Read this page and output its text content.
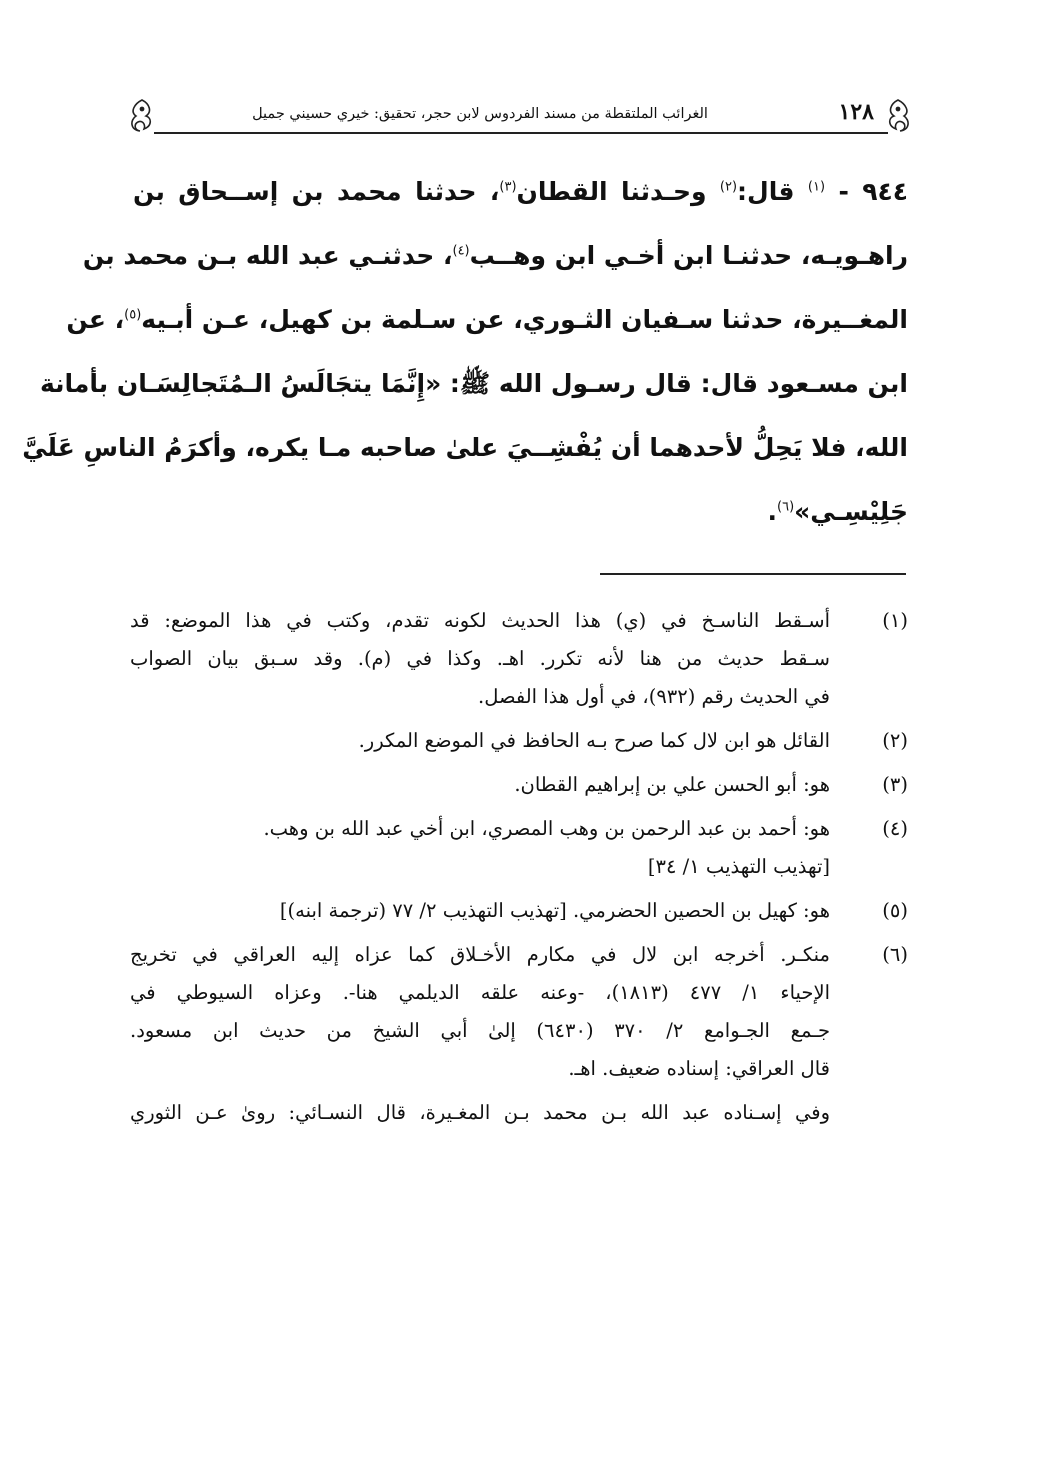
١٢٨
الغرائب الملتقطة من مسند الفردوس لابن حجر، تحقيق: خيري حسيني جميل
٩٤٤ - $^{(١)}$ قال:$^{(٢)}$ وحـدثنا القطان$^{(٣)}$، حدثنا محمد بن إســحاق بن
راهـويـه، حدثنـا ابن أخـي ابن وهــب$^{(٤)}$، حدثنـي عبد الله بـن محمد بن
المغــيرة، حدثنا سـفيان الثـوري، عن سـلمة بن كهيل، عـن أبـيه$^{(٥)}$، عن
ابن مسـعود قال: قال رسـول الله ﷺ: «إِنَّمَا يتجَالَسُ الـمُتَجالِسَـان بأمانة
الله، فلا يَحِلُّ لأحدهما أن يُفْشِــيَ علىٰ صاحبه مـا يكره، وأكرَمُ الناسِ عَلَيَّ
جَلِيْسِـي»$^{(٦)}$.
(١)
أسـقط الناسـخ في (ي) هذا الحديث لكونه تقدم، وكتب في هذا الموضع: قد
سـقط حديث من هنا لأنه تكرر. اهـ. وكذا في (م). وقد سـبق بيان الصواب
في الحديث رقم (٩٣٢)، في أول هذا الفصل.
(٢)
القائل هو ابن لال كما صرح بـه الحافظ في الموضع المكرر.
(٣)
هو: أبو الحسن علي بن إبراهيم القطان.
(٤)
هو: أحمد بن عبد الرحمن بن وهب المصري، ابن أخي عبد الله بن وهب.
[تهذيب التهذيب ١/ ٣٤]
(٥)
هو: كهيل بن الحصين الحضرمي. [تهذيب التهذيب ٢/ ٧٧ (ترجمة ابنه)]
(٦)
منكـر. أخرجه ابن لال في مكارم الأخـلاق كما عزاه إليه العراقي في تخريج
الإحياء ١/ ٤٧٧ (١٨١٣)، -وعنه علقه الديلمي هنا-. وعزاه السيوطي في
جـمع الجـوامع ٢/ ٣٧٠ (٦٤٣٠) إلىٰ أبي الشيخ من حديث ابن مسعود.
قال العراقي: إسناده ضعيف. اهـ.
وفي إسـناده عبد الله بـن محمد بـن المغـيرة، قال النسـائي: روىٰ عـن الثوري
